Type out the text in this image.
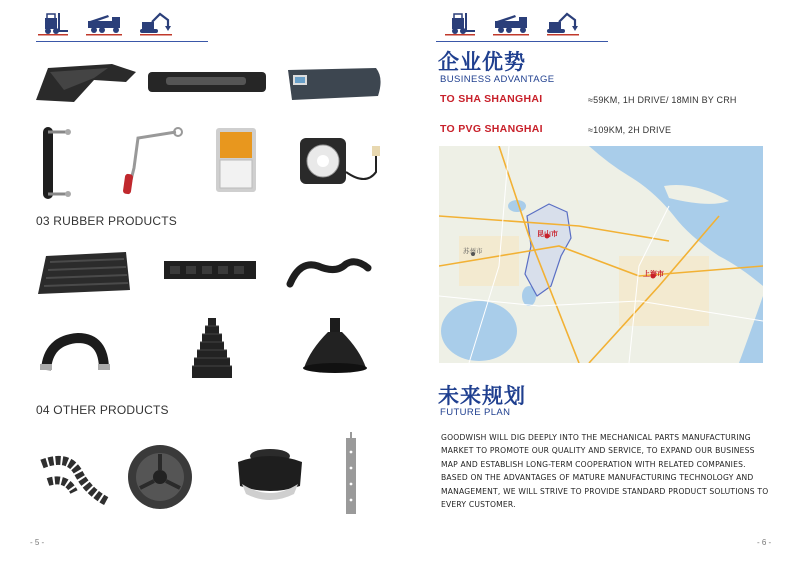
03 RUBBER PRODUCTS
04 OTHER PRODUCTS
- 5 -
企业优势
BUSINESS ADVANTAGE
TO SHA SHANGHAI	≈59KM, 1H DRIVE/ 18MIN BY CRH
TO PVG SHANGHAI	≈109KM, 2H DRIVE
昆山市
上海市
苏州市
未来规划
FUTURE PLAN
GOODWISH WILL DIG DEEPLY INTO THE MECHANICAL PARTS MANUFACTURING MARKET TO PROMOTE OUR QUALITY AND SERVICE, TO EXPAND OUR BUSINESS MAP AND ESTABLISH LONG-TERM COOPERATION WITH RELATED COMPANIES. BASED ON THE ADVANTAGES OF MATURE MANUFACTURING TECHNOLOGY AND MANAGEMENT, WE WILL STRIVE TO PROVIDE STANDARD PRODUCT SOLUTIONS TO EVERY CUSTOMER.
- 6 -
